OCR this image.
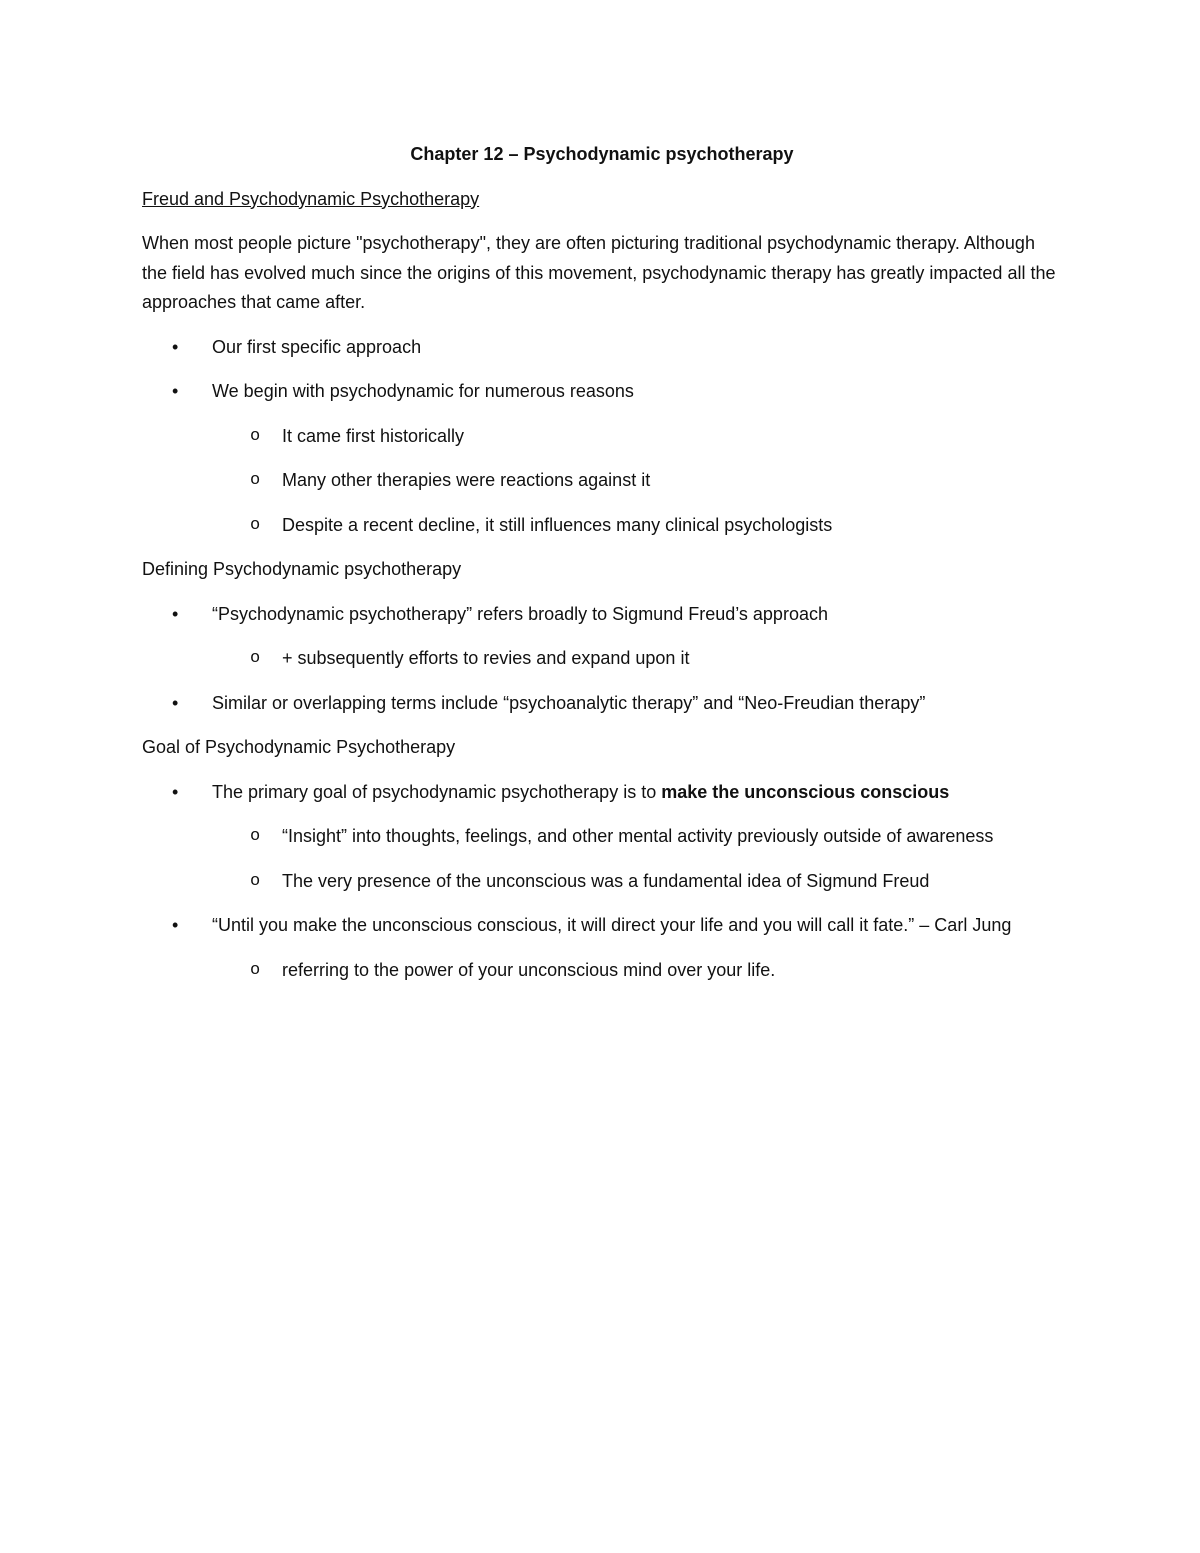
Chapter 12 – Psychodynamic psychotherapy
Freud and Psychodynamic Psychotherapy
When most people picture "psychotherapy", they are often picturing traditional psychodynamic therapy. Although the field has evolved much since the origins of this movement, psychodynamic therapy has greatly impacted all the approaches that came after.
• Our first specific approach
• We begin with psychodynamic for numerous reasons
o It came first historically
o Many other therapies were reactions against it
o Despite a recent decline, it still influences many clinical psychologists
Defining Psychodynamic psychotherapy
• “Psychodynamic psychotherapy” refers broadly to Sigmund Freud’s approach
o + subsequently efforts to revies and expand upon it
• Similar or overlapping terms include “psychoanalytic therapy” and “Neo-Freudian therapy”
Goal of Psychodynamic Psychotherapy
• The primary goal of psychodynamic psychotherapy is to make the unconscious conscious
o “Insight” into thoughts, feelings, and other mental activity previously outside of awareness
o The very presence of the unconscious was a fundamental idea of Sigmund Freud
• “Until you make the unconscious conscious, it will direct your life and you will call it fate.” – Carl Jung
o referring to the power of your unconscious mind over your life.
